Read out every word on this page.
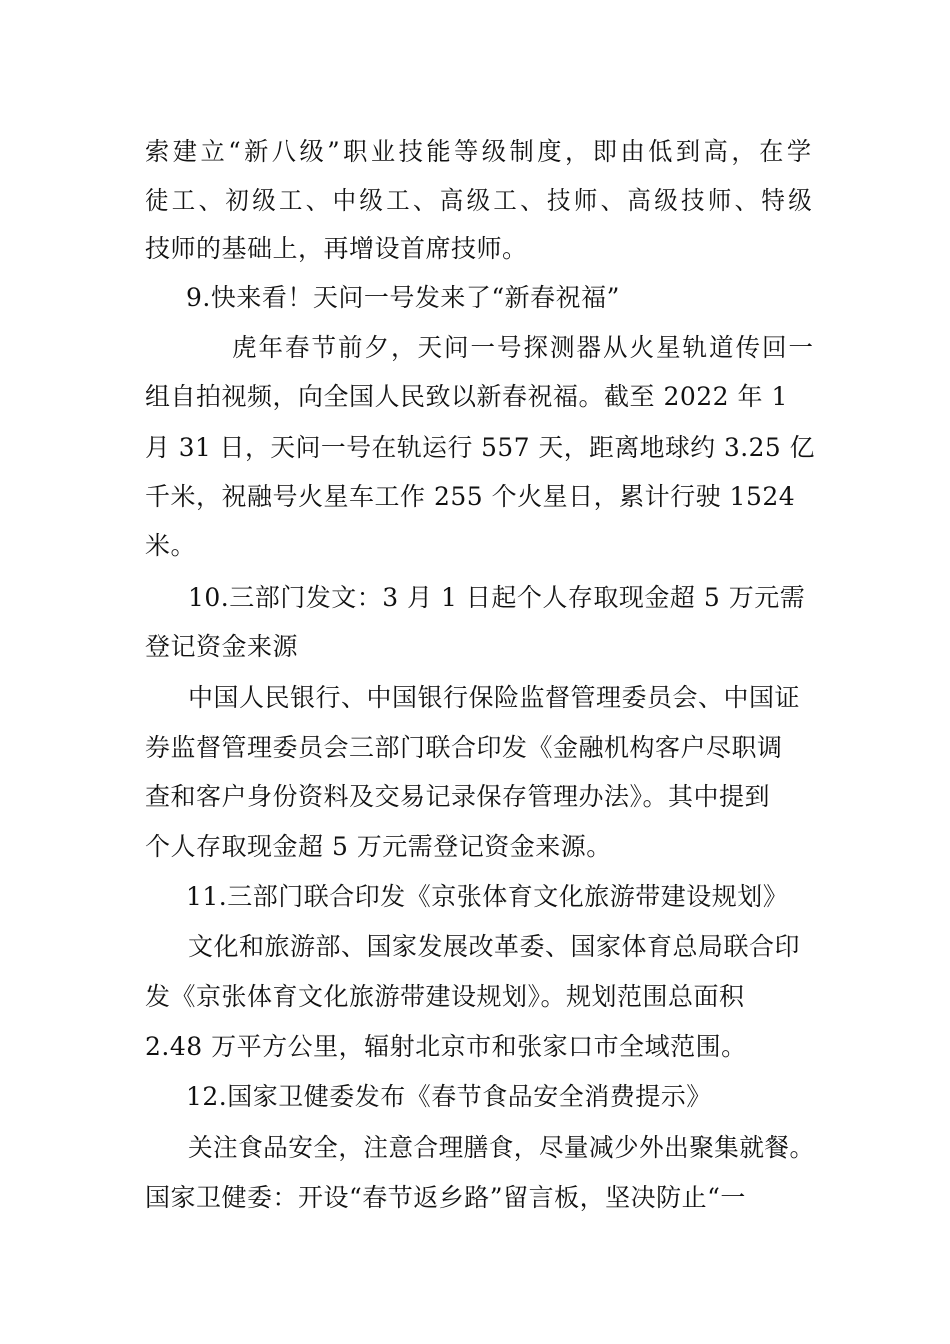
索建立“新八级”职业技能等级制度，即由低到高，在学
徒工、初级工、中级工、高级工、技师、高级技师、特级
技师的基础上，再增设首席技师。
9.快来看！天问一号发来了“新春祝福”
虎年春节前夕，天问一号探测器从火星轨道传回一
组自拍视频，向全国人民致以新春祝福。截至 2022 年 1
月 31 日，天问一号在轨运行 557 天，距离地球约 3.25 亿
千米，祝融号火星车工作 255 个火星日，累计行驶 1524
米。
10.三部门发文：3 月 1 日起个人存取现金超 5 万元需
登记资金来源
中国人民银行、中国银行保险监督管理委员会、中国证
券监督管理委员会三部门联合印发《金融机构客户尽职调
查和客户身份资料及交易记录保存管理办法》。其中提到
个人存取现金超 5 万元需登记资金来源。
11.三部门联合印发《京张体育文化旅游带建设规划》
文化和旅游部、国家发展改革委、国家体育总局联合印
发《京张体育文化旅游带建设规划》。规划范围总面积
2.48 万平方公里，辐射北京市和张家口市全域范围。
12.国家卫健委发布《春节食品安全消费提示》
关注食品安全，注意合理膳食，尽量减少外出聚集就餐。
国家卫健委：开设“春节返乡路”留言板，坚决防止“一
